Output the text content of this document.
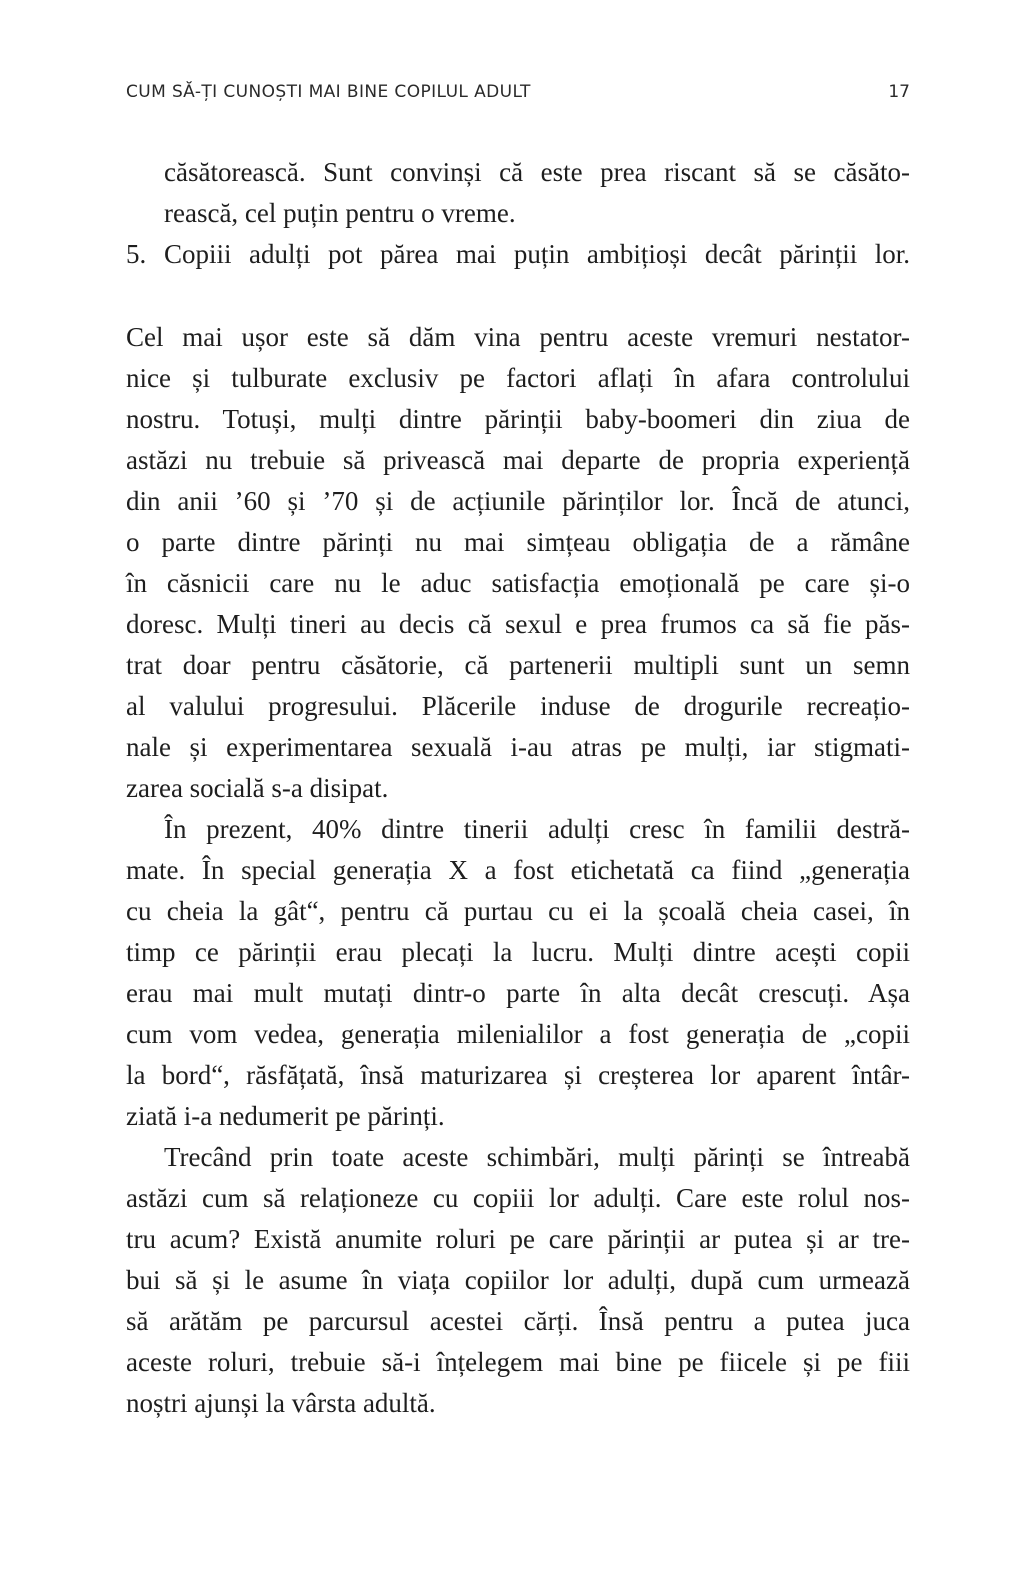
CUM SĂ-ȚI CUNOȘTI MAI BINE COPILUL ADULT	17
căsătorească. Sunt convinși că este prea riscant să se căsăto-
rească, cel puțin pentru o vreme.
5. Copiii adulți pot părea mai puțin ambițioși decât părinții lor.
Cel mai ușor este să dăm vina pentru aceste vremuri nestator-
nice și tulburate exclusiv pe factori aflați în afara controlului
nostru. Totuși, mulți dintre părinții baby-boomeri din ziua de
astăzi nu trebuie să privească mai departe de propria experiență
din anii ’60 și ’70 și de acțiunile părinților lor. Încă de atunci,
o parte dintre părinți nu mai simțeau obligația de a rămâne
în căsnicii care nu le aduc satisfacția emoțională pe care și-o
doresc. Mulți tineri au decis că sexul e prea frumos ca să fie păs-
trat doar pentru căsătorie, că partenerii multipli sunt un semn
al valului progresului. Plăcerile induse de drogurile recreațio-
nale și experimentarea sexuală i-au atras pe mulți, iar stigmati-
zarea socială s-a disipat.
În prezent, 40% dintre tinerii adulți cresc în familii destră-
mate. În special generația X a fost etichetată ca fiind „generația
cu cheia la gât“, pentru că purtau cu ei la școală cheia casei, în
timp ce părinții erau plecați la lucru. Mulți dintre acești copii
erau mai mult mutați dintr-o parte în alta decât crescuți. Așa
cum vom vedea, generația milenialilor a fost generația de „copii
la bord“, răsfățată, însă maturizarea și creșterea lor aparent întâr-
ziată i-a nedumerit pe părinți.
Trecând prin toate aceste schimbări, mulți părinți se întreabă
astăzi cum să relaționeze cu copiii lor adulți. Care este rolul nos-
tru acum? Există anumite roluri pe care părinții ar putea și ar tre-
bui să și le asume în viața copiilor lor adulți, după cum urmează
să arătăm pe parcursul acestei cărți. Însă pentru a putea juca
aceste roluri, trebuie să-i înțelegem mai bine pe fiicele și pe fiii
noștri ajunși la vârsta adultă.
